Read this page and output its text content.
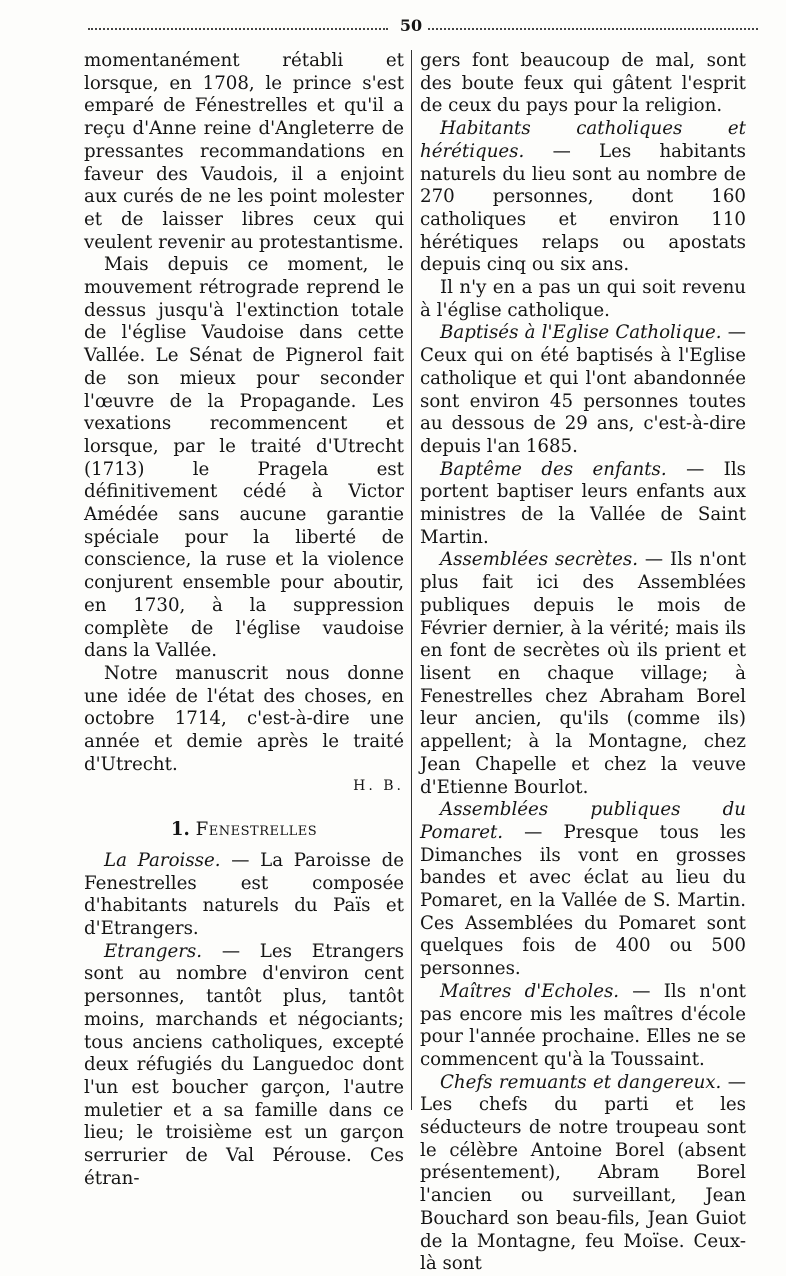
50

momentanément rétabli et lorsque, en 1708, le prince s'est emparé de Fénestrelles et qu'il a reçu d'Anne reine d'Angleterre de pressantes recommandations en faveur des Vaudois, il a enjoint aux curés de ne les point molester et de laisser libres ceux qui veulent revenir au protestantisme.

Mais depuis ce moment, le mouvement rétrograde reprend le dessus jusqu'à l'extinction totale de l'église Vaudoise dans cette Vallée. Le Sénat de Pignerol fait de son mieux pour seconder l'œuvre de la Propagande. Les vexations recommencent et lorsque, par le traité d'Utrecht (1713) le Pragela est définitivement cédé à Victor Amédée sans aucune garantie spéciale pour la liberté de conscience, la ruse et la violence conjurent ensemble pour aboutir, en 1730, à la suppression complète de l'église vaudoise dans la Vallée.

Notre manuscrit nous donne une idée de l'état des choses, en octobre 1714, c'est-à-dire une année et demie après le traité d'Utrecht.

H. B.
1. Fenestrelles

La Paroisse. — La Paroisse de Fenestrelles est composée d'habitants naturels du Païs et d'Etrangers.

Etrangers. — Les Etrangers sont au nombre d'environ cent personnes, tantôt plus, tantôt moins, marchands et négociants; tous anciens catholiques, excepté deux réfugiés du Languedoc dont l'un est boucher garçon, l'autre muletier et a sa famille dans ce lieu; le troisième est un garçon serrurier de Val Pérouse. Ces étran-

gers font beaucoup de mal, sont des boute feux qui gâtent l'esprit de ceux du pays pour la religion.

Habitants catholiques et hérétiques. — Les habitants naturels du lieu sont au nombre de 270 personnes, dont 160 catholiques et environ 110 hérétiques relaps ou apostats depuis cinq ou six ans.

Il n'y en a pas un qui soit revenu à l'église catholique.

Baptisés à l'Eglise Catholique. — Ceux qui on été baptisés à l'Eglise catholique et qui l'ont abandonnée sont environ 45 personnes toutes au dessous de 29 ans, c'est-à-dire depuis l'an 1685.

Baptême des enfants. — Ils portent baptiser leurs enfants aux ministres de la Vallée de Saint Martin.

Assemblées secrètes. — Ils n'ont plus fait ici des Assemblées publiques depuis le mois de Février dernier, à la vérité; mais ils en font de secrètes où ils prient et lisent en chaque village; à Fenestrelles chez Abraham Borel leur ancien, qu'ils (comme ils) appellent; à la Montagne, chez Jean Chapelle et chez la veuve d'Etienne Bourlot.

Assemblées publiques du Pomaret. — Presque tous les Dimanches ils vont en grosses bandes et avec éclat au lieu du Pomaret, en la Vallée de S. Martin. Ces Assemblées du Pomaret sont quelques fois de 400 ou 500 personnes.

Maîtres d'Echoles. — Ils n'ont pas encore mis les maîtres d'école pour l'année prochaine. Elles ne se commencent qu'à la Toussaint.

Chefs remuants et dangereux. — Les chefs du parti et les séducteurs de notre troupeau sont le célèbre Antoine Borel (absent présentement), Abram Borel l'ancien ou surveillant, Jean Bouchard son beau-fils, Jean Guiot de la Montagne, feu Moïse. Ceux-là sont
